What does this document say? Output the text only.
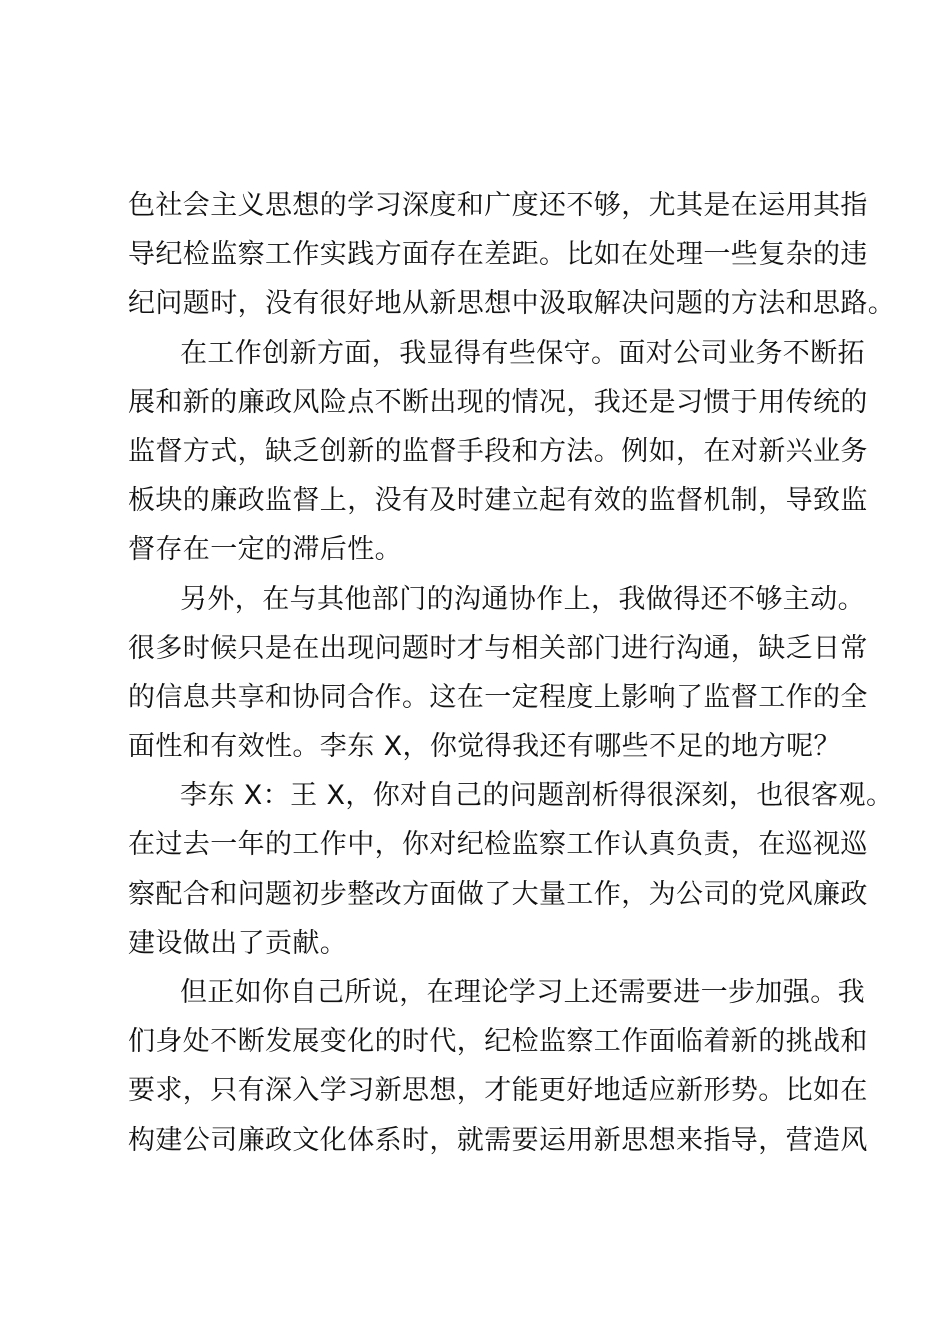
色社会主义思想的学习深度和广度还不够，尤其是在运用其指
导纪检监察工作实践方面存在差距。比如在处理一些复杂的违
纪问题时，没有很好地从新思想中汲取解决问题的方法和思路。
在工作创新方面，我显得有些保守。面对公司业务不断拓
展和新的廉政风险点不断出现的情况，我还是习惯于用传统的
监督方式，缺乏创新的监督手段和方法。例如，在对新兴业务
板块的廉政监督上，没有及时建立起有效的监督机制，导致监
督存在一定的滞后性。
另外，在与其他部门的沟通协作上，我做得还不够主动。
很多时候只是在出现问题时才与相关部门进行沟通，缺乏日常
的信息共享和协同合作。这在一定程度上影响了监督工作的全
面性和有效性。李东 X，你觉得我还有哪些不足的地方呢？
李东 X：王 X，你对自己的问题剖析得很深刻，也很客观。
在过去一年的工作中，你对纪检监察工作认真负责，在巡视巡
察配合和问题初步整改方面做了大量工作，为公司的党风廉政
建设做出了贡献。
但正如你自己所说，在理论学习上还需要进一步加强。我
们身处不断发展变化的时代，纪检监察工作面临着新的挑战和
要求，只有深入学习新思想，才能更好地适应新形势。比如在
构建公司廉政文化体系时，就需要运用新思想来指导，营造风
